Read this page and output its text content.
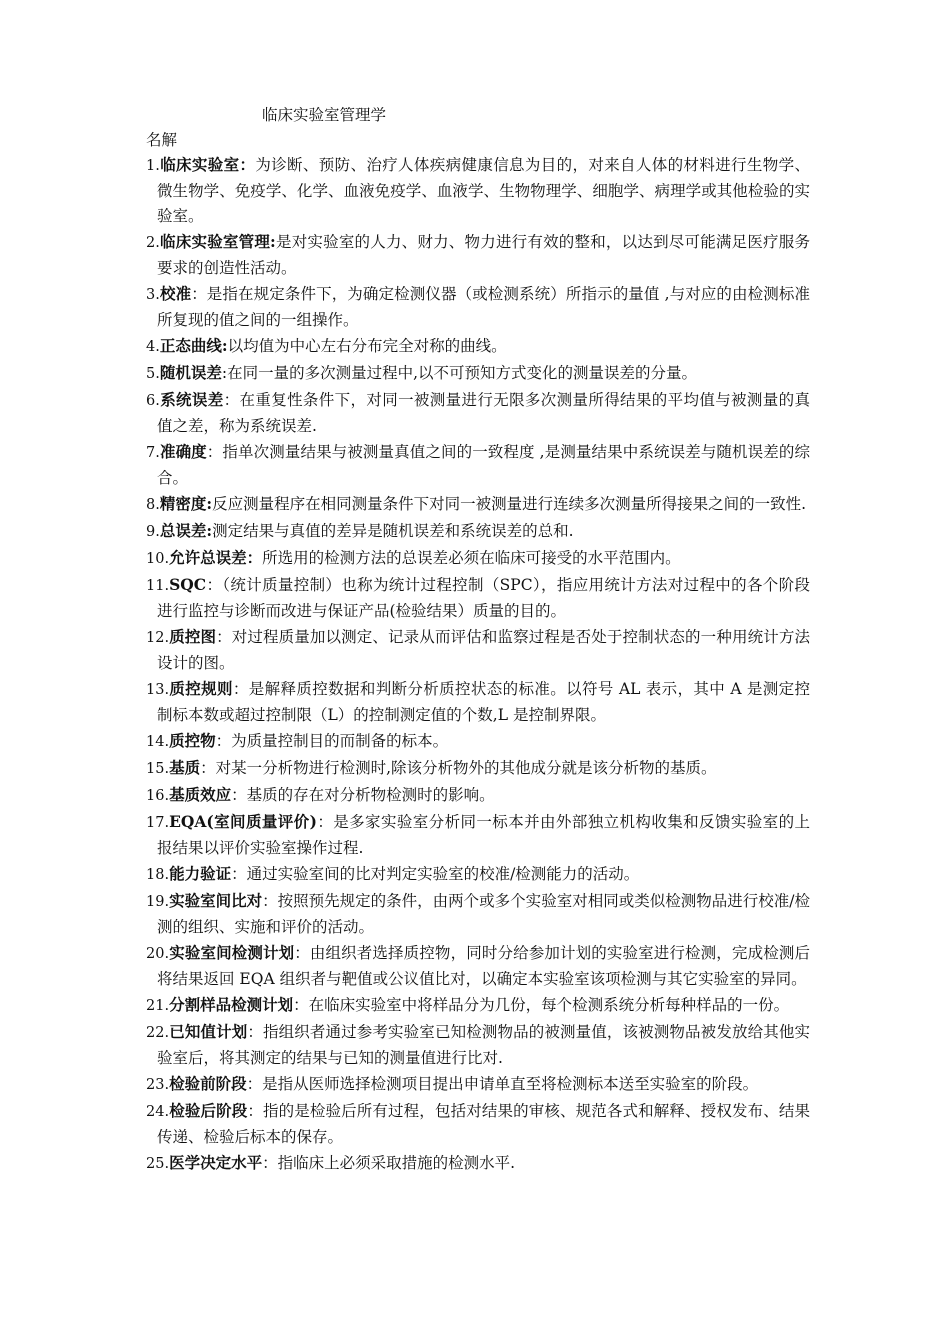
临床实验室管理学
名解
1.临床实验室：为诊断、预防、治疗人体疾病健康信息为目的，对来自人体的材料进行生物学、微生物学、免疫学、化学、血液免疫学、血液学、生物物理学、细胞学、病理学或其他检验的实验室。
2.临床实验室管理:是对实验室的人力、财力、物力进行有效的整和，以达到尽可能满足医疗服务要求的创造性活动。
3.校准：是指在规定条件下，为确定检测仪器（或检测系统）所指示的量值 ,与对应的由检测标准所复现的值之间的一组操作。
4.正态曲线:以均值为中心左右分布完全对称的曲线。
5.随机误差:在同一量的多次测量过程中,以不可预知方式变化的测量误差的分量。
6.系统误差：在重复性条件下，对同一被测量进行无限多次测量所得结果的平均值与被测量的真值之差，称为系统误差.
7.准确度：指单次测量结果与被测量真值之间的一致程度 ,是测量结果中系统误差与随机误差的综合。
8.精密度:反应测量程序在相同测量条件下对同一被测量进行连续多次测量所得接果之间的一致性.
9.总误差:测定结果与真值的差异是随机误差和系统误差的总和.
10.允许总误差：所选用的检测方法的总误差必须在临床可接受的水平范围内。
11.SQC：（统计质量控制）也称为统计过程控制（SPC），指应用统计方法对过程中的各个阶段进行监控与诊断而改进与保证产品(检验结果）质量的目的。
12.质控图：对过程质量加以测定、记录从而评估和监察过程是否处于控制状态的一种用统计方法设计的图。
13.质控规则：是解释质控数据和判断分析质控状态的标准。以符号 AL 表示，其中 A 是测定控制标本数或超过控制限（L）的控制测定值的个数,L 是控制界限。
14.质控物：为质量控制目的而制备的标本。
15.基质：对某一分析物进行检测时,除该分析物外的其他成分就是该分析物的基质。
16.基质效应：基质的存在对分析物检测时的影响。
17.EQA(室间质量评价)：是多家实验室分析同一标本并由外部独立机构收集和反馈实验室的上报结果以评价实验室操作过程.
18.能力验证：通过实验室间的比对判定实验室的校准/检测能力的活动。
19.实验室间比对：按照预先规定的条件，由两个或多个实验室对相同或类似检测物品进行校准/检测的组织、实施和评价的活动。
20.实验室间检测计划：由组织者选择质控物，同时分给参加计划的实验室进行检测，完成检测后将结果返回 EQA 组织者与靶值或公议值比对，以确定本实验室该项检测与其它实验室的异同。
21.分割样品检测计划：在临床实验室中将样品分为几份，每个检测系统分析每种样品的一份。
22.已知值计划：指组织者通过参考实验室已知检测物品的被测量值，该被测物品被发放给其他实验室后，将其测定的结果与已知的测量值进行比对.
23.检验前阶段：是指从医师选择检测项目提出申请单直至将检测标本送至实验室的阶段。
24.检验后阶段：指的是检验后所有过程，包括对结果的审核、规范各式和解释、授权发布、结果传递、检验后标本的保存。
25.医学决定水平：指临床上必须采取措施的检测水平.
